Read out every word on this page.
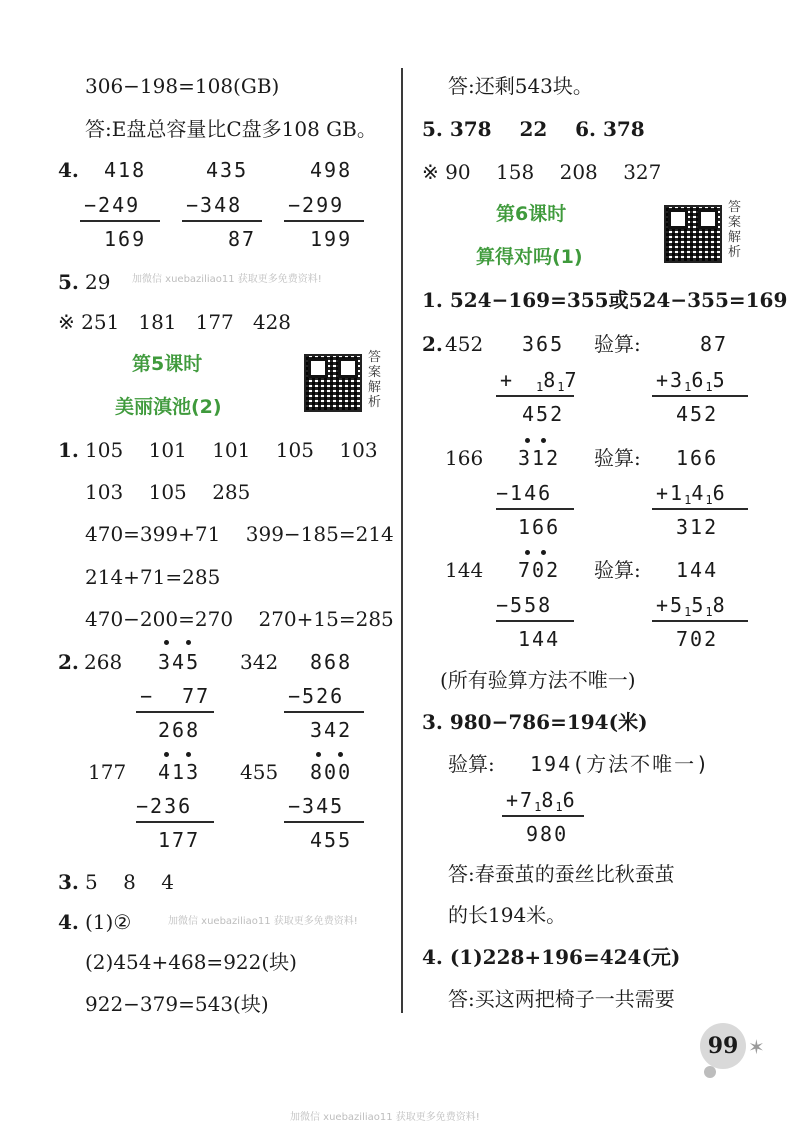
306−198=108(GB)
答:E盘总容量比C盘多108 GB。
4. 418
−249
169
435
−348
87
498
−299
199
5. 29 加微信 xuebaziliao11 获取更多免费资料!
※ 251   181   177   428
第5课时
美丽滇池(2)
答案解析
1. 105    101    101    105    103
103    105    285
470=399+71    399−185=214
214+71=285
470−200=270    270+15=285
2. 268 345
−  77
268
342 868
−526
342
177 413
−236
177
455 800
−345
455
3. 5    8    4
4. (1)②	加微信 xuebaziliao11 获取更多免费资料!
(2)454+468=922(块)
922−379=543(块)
答:还剩543块。
5. 378    22    6. 378
※ 90    158    208    327
第6课时
算得对吗(1)
答案解析
1. 524−169=355或524−355=169
2. 452 365
+ $_18_17$
452
验算:	87
$+3_16_15$
452
166 312
−146
166
验算: 166
$+1_14_16$
312
144 702
−558
144
验算: 144
$+5_15_18$
702
(所有验算方法不唯一)
3. 980−786=194(米)
验算: 194(方法不唯一)
$+7_18_16$
980
答:春蚕茧的蚕丝比秋蚕茧
的长194米。
4. (1)228+196=424(元)
答:买这两把椅子一共需要
99 ✶
加微信 xuebaziliao11 获取更多免费资料!
